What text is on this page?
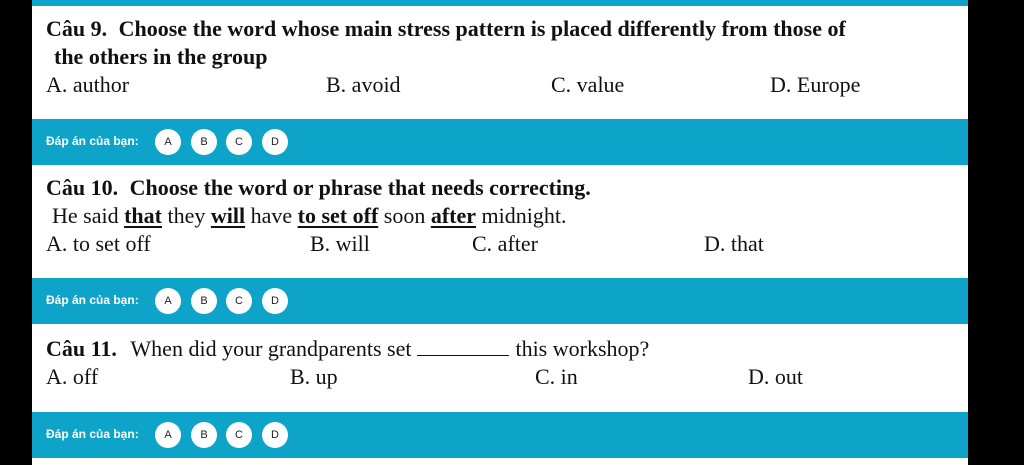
Câu 9. Choose the word whose main stress pattern is placed differently from those of
the others in the group
A. author	B. avoid	C. value	D. Europe
Đáp án của bạn:	A	B	C	D
Câu 10. Choose the word or phrase that needs correcting.
He said that they will have to set off soon after midnight.
A. to set off	B. will	C. after	D. that
Đáp án của bạn:	A	B	C	D
Câu 11. When did your grandparents set	this workshop?
A. off	B. up	C. in	D. out
Đáp án của bạn:	A	B	C	D
